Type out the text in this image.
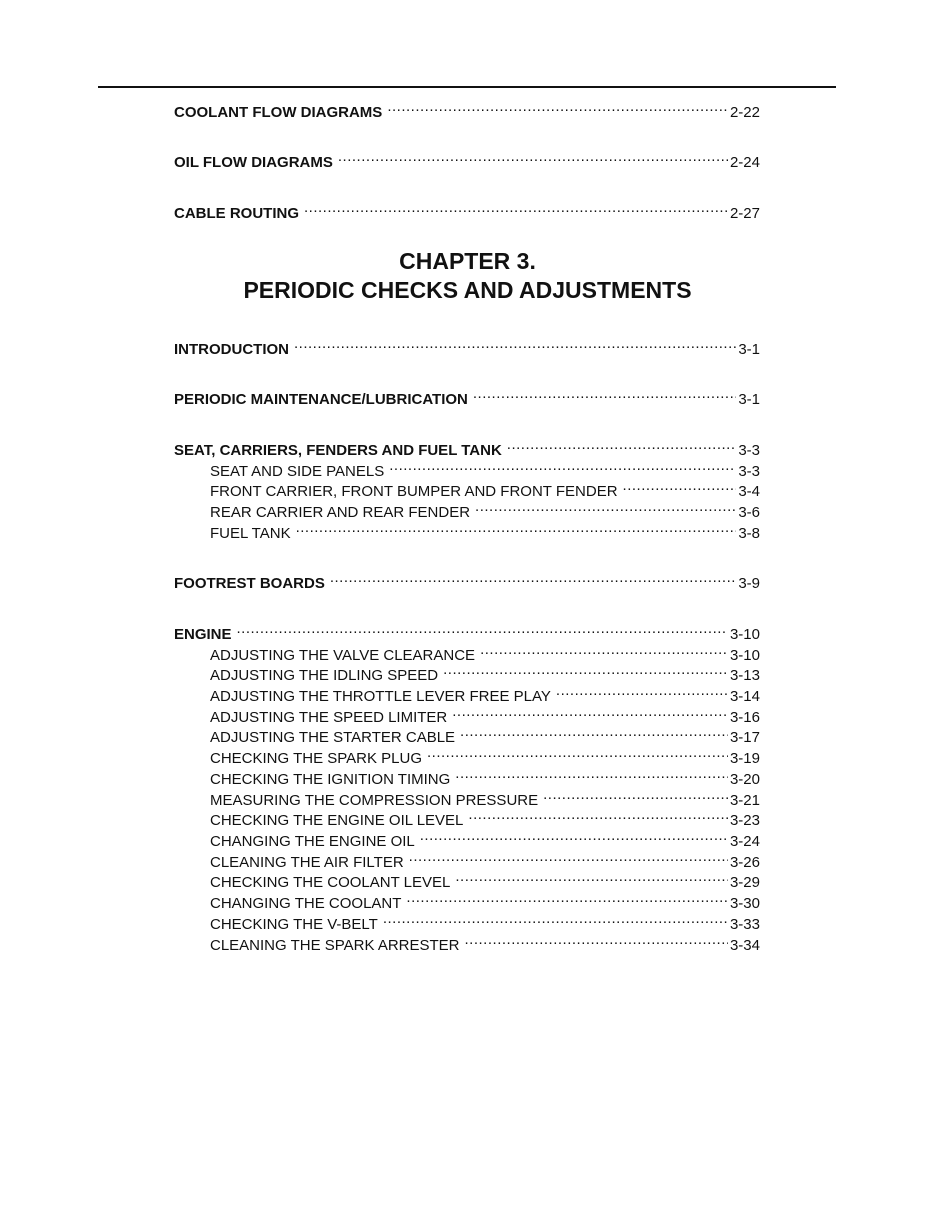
COOLANT FLOW DIAGRAMS .....	2-22
OIL FLOW DIAGRAMS .....	2-24
CABLE ROUTING .....	2-27
CHAPTER 3.
PERIODIC CHECKS AND ADJUSTMENTS
INTRODUCTION .....	3-1
PERIODIC MAINTENANCE/LUBRICATION .....	3-1
SEAT, CARRIERS, FENDERS AND FUEL TANK .....	3-3
SEAT AND SIDE PANELS .....	3-3
FRONT CARRIER, FRONT BUMPER AND FRONT FENDER .....	3-4
REAR CARRIER AND REAR FENDER .....	3-6
FUEL TANK .....	3-8
FOOTREST BOARDS .....	3-9
ENGINE .....	3-10
ADJUSTING THE VALVE CLEARANCE .....	3-10
ADJUSTING THE IDLING SPEED .....	3-13
ADJUSTING THE THROTTLE LEVER FREE PLAY .....	3-14
ADJUSTING THE SPEED LIMITER .....	3-16
ADJUSTING THE STARTER CABLE .....	3-17
CHECKING THE SPARK PLUG .....	3-19
CHECKING THE IGNITION TIMING .....	3-20
MEASURING THE COMPRESSION PRESSURE .....	3-21
CHECKING THE ENGINE OIL LEVEL .....	3-23
CHANGING THE ENGINE OIL .....	3-24
CLEANING THE AIR FILTER .....	3-26
CHECKING THE COOLANT LEVEL .....	3-29
CHANGING THE COOLANT .....	3-30
CHECKING THE V-BELT .....	3-33
CLEANING THE SPARK ARRESTER .....	3-34
